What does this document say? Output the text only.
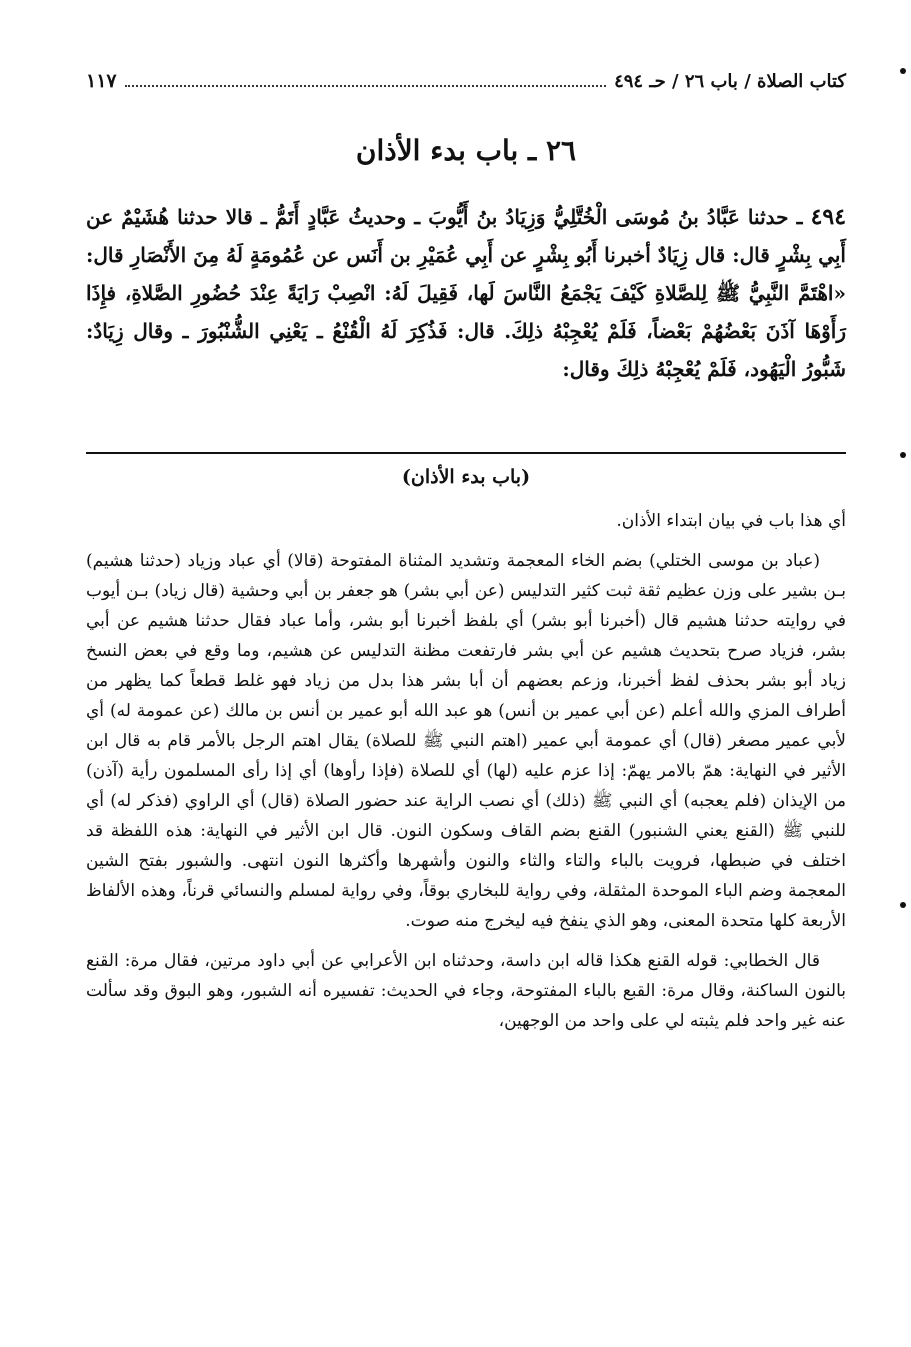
كتاب الصلاة / باب ٢٦ / حـ ٤٩٤
١١٧
٢٦ ـ باب بدء الأذان
٤٩٤ ـ حدثنا عَبَّادُ بنُ مُوسَى الْخُتَّلِيُّ وَزِيَادُ بنُ أَيُّوبَ ـ وحديثُ عَبَّادٍ أَتَمُّ ـ قالا حدثنا هُشَيْمٌ عن أَبِي بِشْرٍ قال: قال زِيَادٌ أخبرنا أَبُو بِشْرٍ عن أَبِي عُمَيْرِ بن أَنَس عن عُمُومَةٍ لَهُ مِنَ الأَنْصَارِ قال: «اهْتَمَّ النَّبِيُّ ﷺ لِلصَّلاةِ كَيْفَ يَجْمَعُ النَّاسَ لَها، فَقِيلَ لَهُ: انْصِبْ رَايَةً عِنْدَ حُضُورِ الصَّلاةِ، فإِذَا رَأَوْهَا آذَنَ بَعْضُهُمْ بَعْضاً، فَلَمْ يُعْجِبْهُ ذلِكَ. قال: فَذُكِرَ لَهُ الْقُنْعُ ـ يَعْنِي الشُّنْبُورَ ـ وقال زِيَادٌ: شَبُّورُ الْيَهُود، فَلَمْ يُعْجِبْهُ ذلِكَ وقال:
(باب بدء الأذان)

أي هذا باب في بيان ابتداء الأذان.

(عباد بن موسى الختلي) بضم الخاء المعجمة وتشديد المثناة المفتوحة (قالا) أي عباد وزياد (حدثنا هشيم) بـن بشير على وزن عظيم ثقة ثبت كثير التدليس (عن أبي بشر) هو جعفر بن أبي وحشية (قال زياد) بـن أيوب في روايته حدثنا هشيم قال (أخبرنا أبو بشر) أي بلفظ أخبرنا أبو بشر، وأما عباد فقال حدثنا هشيم عن أبي بشر، فزياد صرح بتحديث هشيم عن أبي بشر فارتفعت مظنة التدليس عن هشيم، وما وقع في بعض النسخ زياد أبو بشر بحذف لفظ أخبرنا، وزعم بعضهم أن أبا بشر هذا بدل من زياد فهو غلط قطعاً كما يظهر من أطراف المزي والله أعلم (عن أبي عمير بن أنس) هو عبد الله أبو عمير بن أنس بن مالك (عن عمومة له) أي لأبي عمير مصغر (قال) أي عمومة أبي عمير (اهتم النبي ﷺ للصلاة) يقال اهتم الرجل بالأمر قام به قال ابن الأثير في النهاية: همّ بالامر يهمّ: إذا عزم عليه (لها) أي للصلاة (فإذا رأوها) أي إذا رأى المسلمون رأية (آذن) من الإيذان (فلم يعجبه) أي النبي ﷺ (ذلك) أي نصب الراية عند حضور الصلاة (قال) أي الراوي (فذكر له) أي للنبي ﷺ (القنع يعني الشنبور) القنع بضم القاف وسكون النون. قال ابن الأثير في النهاية: هذه اللفظة قد اختلف في ضبطها، فرويت بالباء والتاء والثاء والنون وأشهرها وأكثرها النون انتهى. والشبور بفتح الشين المعجمة وضم الباء الموحدة المثقلة، وفي رواية للبخاري بوقاً، وفي رواية لمسلم والنسائي قرناً، وهذه الألفاظ الأربعة كلها متحدة المعنى، وهو الذي ينفخ فيه ليخرج منه صوت.

قال الخطابي: قوله القنع هكذا قاله ابن داسة، وحدثناه ابن الأعرابي عن أبي داود مرتين، فقال مرة: القنع بالنون الساكنة، وقال مرة: القبع بالباء المفتوحة، وجاء في الحديث: تفسيره أنه الشبور، وهو البوق وقد سألت عنه غير واحد فلم يثبته لي على واحد من الوجهين،
